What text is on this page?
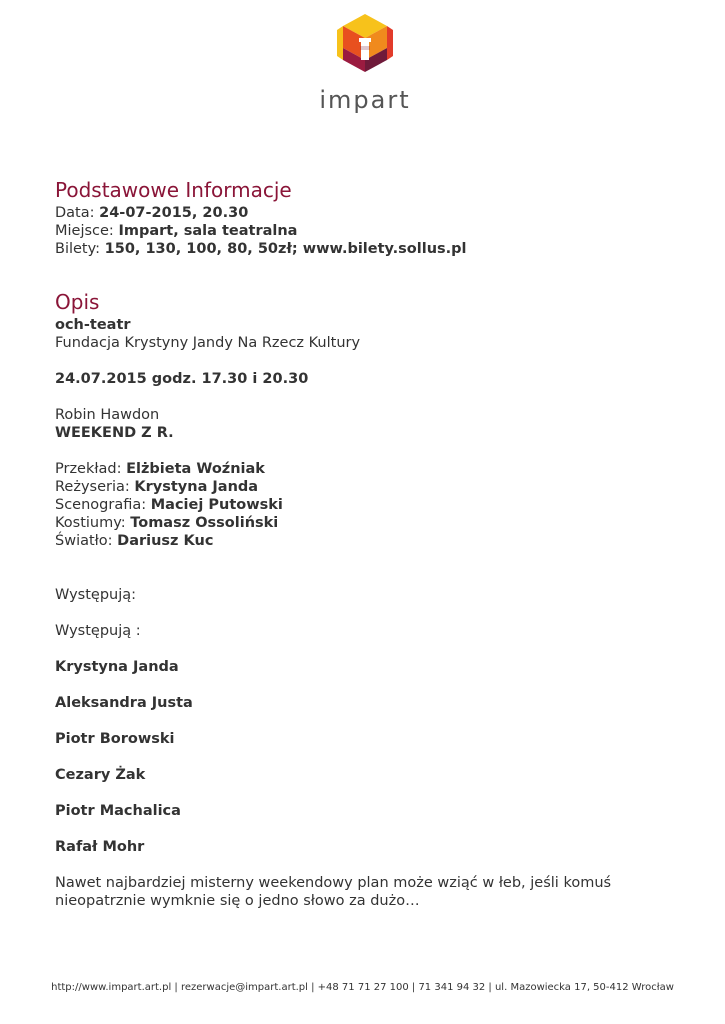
impart
Podstawowe Informacje

Data: 24-07-2015, 20.30

Miejsce: Impart, sala teatralna

Bilety: 150, 130, 100, 80, 50zł; www.bilety.sollus.pl

Opis

och-teatr

Fundacja Krystyny Jandy Na Rzecz Kultury

24.07.2015 godz. 17.30 i 20.30

Robin Hawdon

WEEKEND Z R.

Przekład: Elżbieta Woźniak

Reżyseria: Krystyna Janda

Scenografia: Maciej Putowski

Kostiumy: Tomasz Ossoliński

Światło: Dariusz Kuc

Występują:

Występują :

Krystyna Janda

Aleksandra Justa

Piotr Borowski

Cezary Żak

Piotr Machalica

Rafał Mohr

Nawet najbardziej misterny weekendowy plan może wziąć w łeb, jeśli komuś

nieopatrznie wymknie się o jedno słowo za dużo…

http://www.impart.art.pl | rezerwacje@impart.art.pl | +48 71 71 27 100 | 71 341 94 32 | ul. Mazowiecka 17, 50-412 Wrocław
